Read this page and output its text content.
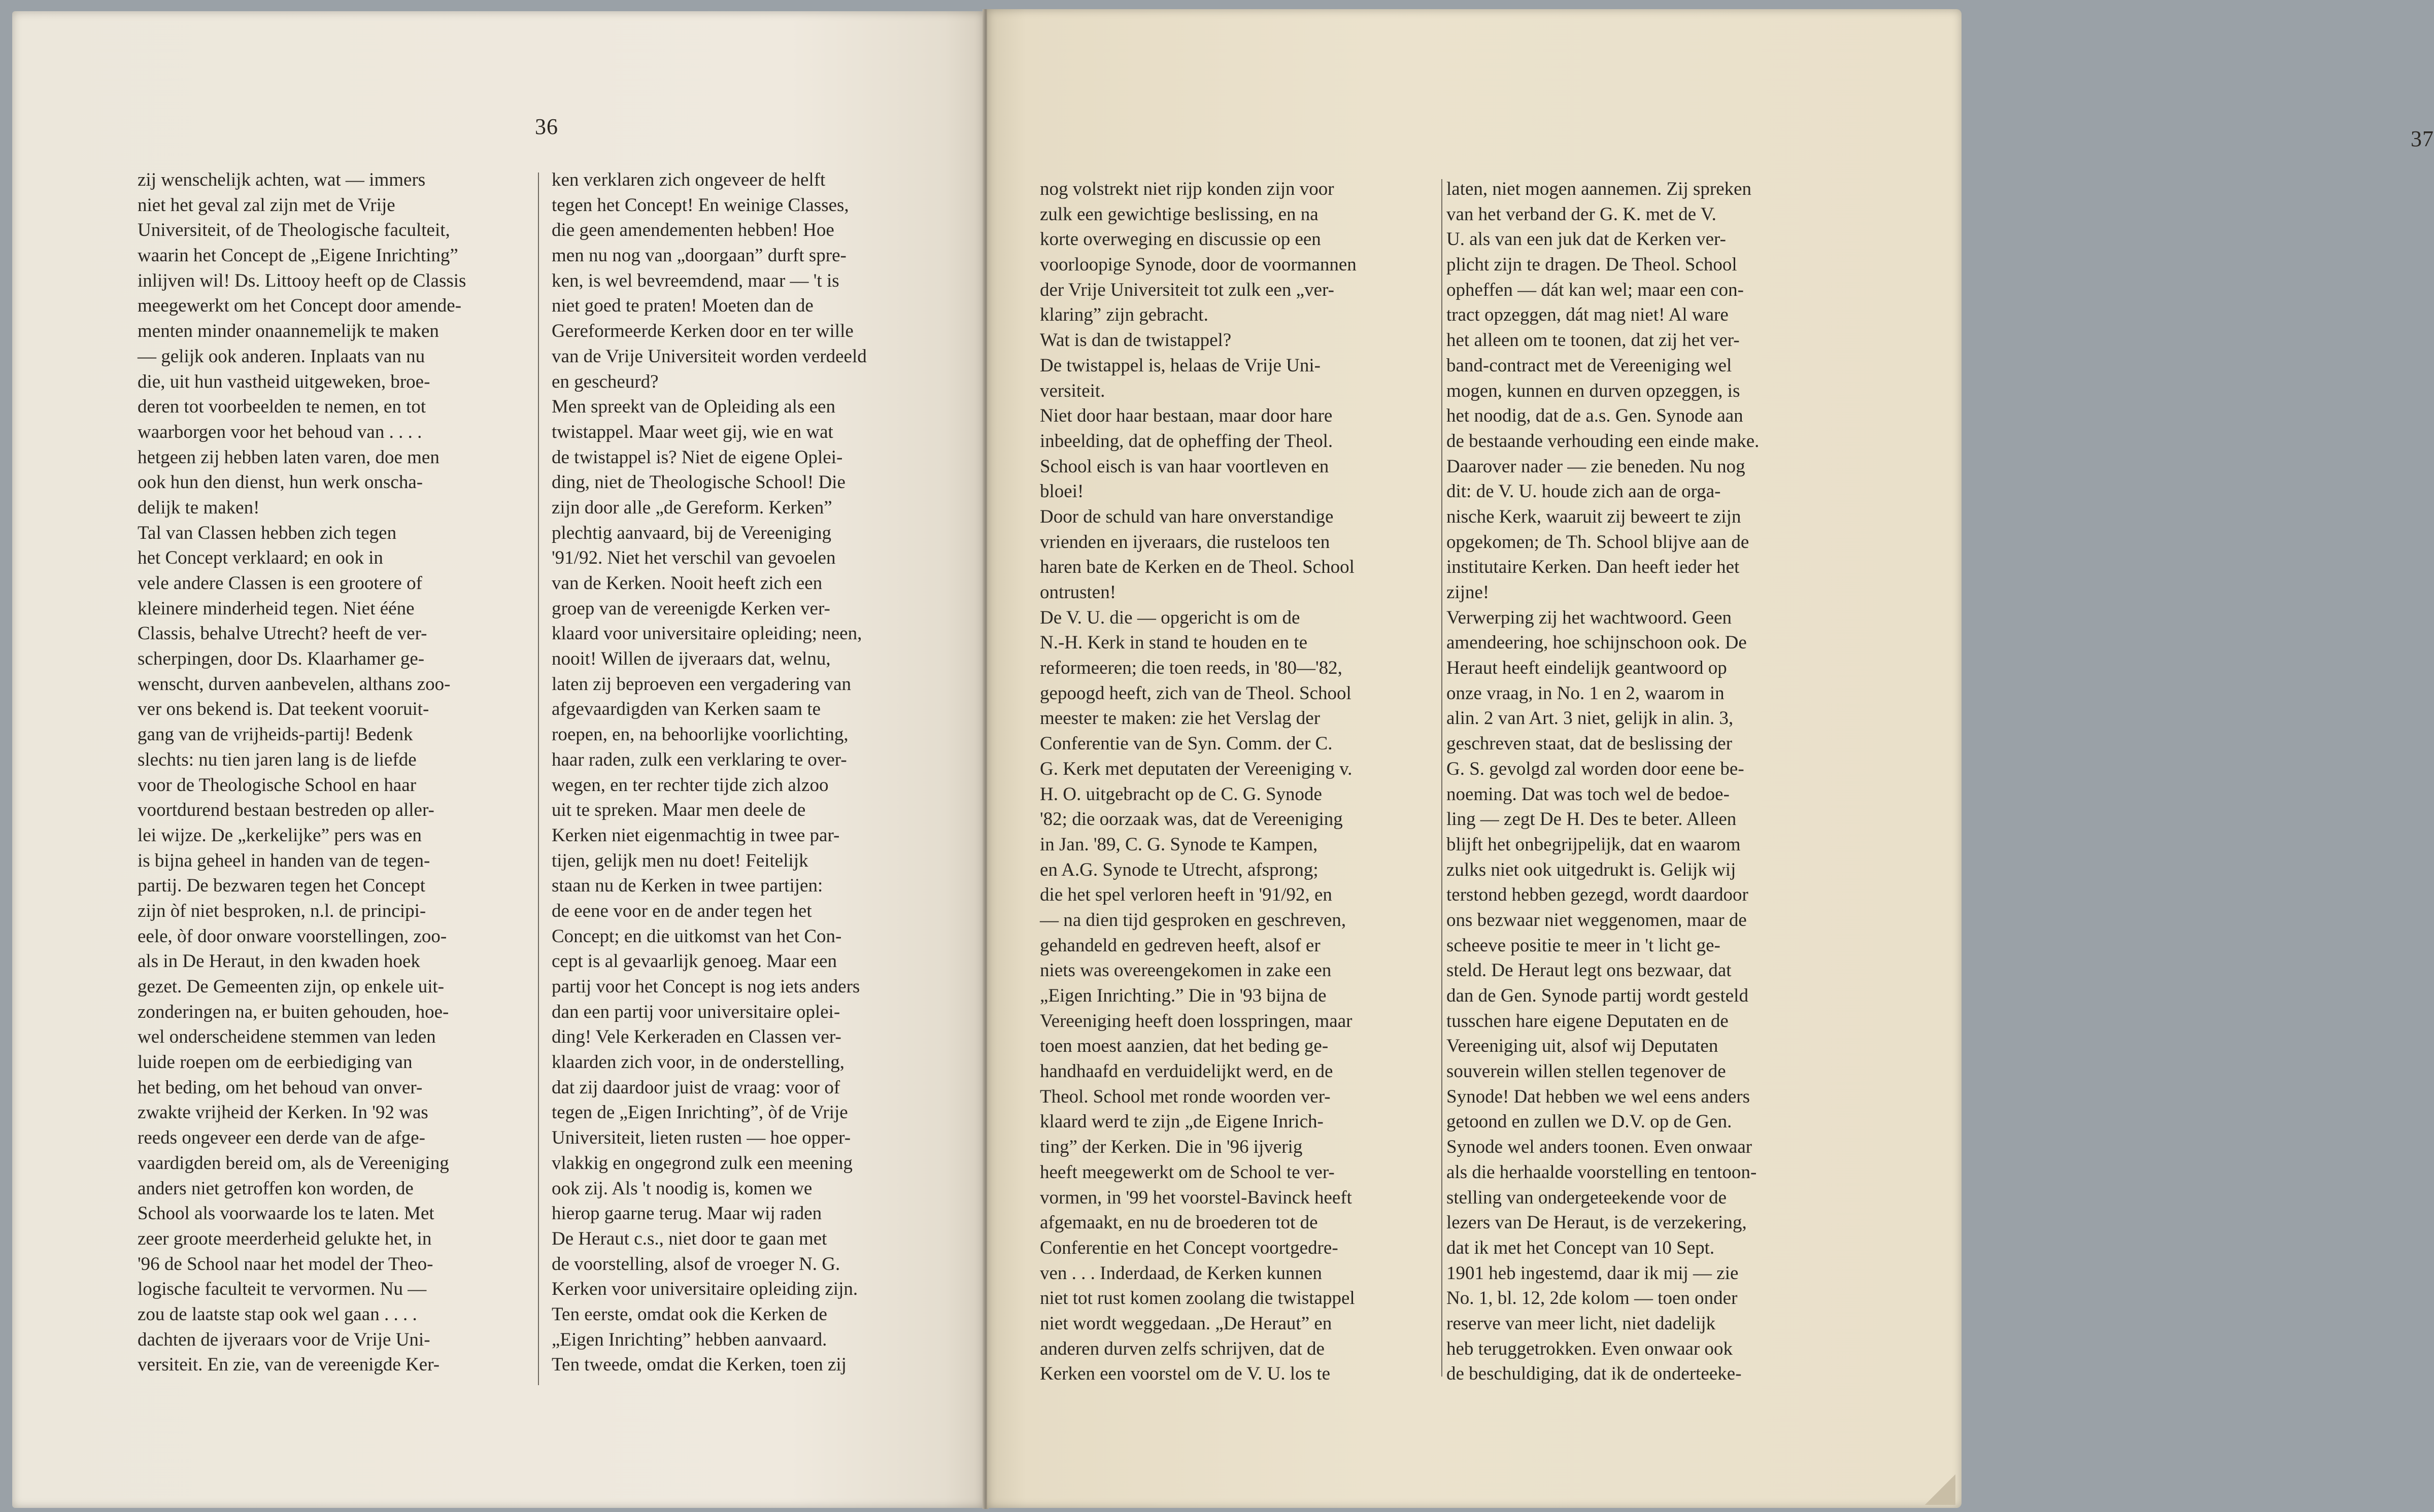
36
zij wenschelijk achten, wat — immers
niet het geval zal zijn met de Vrije
Universiteit, of de Theologische faculteit,
waarin het Concept de „Eigene Inrichting”
inlijven wil! Ds. Littooy heeft op de Classis
meegewerkt om het Concept door amende-
menten minder onaannemelijk te maken
— gelijk ook anderen. Inplaats van nu
die, uit hun vastheid uitgeweken, broe-
deren tot voorbeelden te nemen, en tot
waarborgen voor het behoud van . . . .
hetgeen zij hebben laten varen, doe men
ook hun den dienst, hun werk onscha-
delijk te maken!
Tal van Classen hebben zich tegen
het Concept verklaard; en ook in
vele andere Classen is een grootere of
kleinere minderheid tegen. Niet ééne
Classis, behalve Utrecht? heeft de ver-
scherpingen, door Ds. Klaarhamer ge-
wenscht, durven aanbevelen, althans zoo-
ver ons bekend is. Dat teekent vooruit-
gang van de vrijheids-partij! Bedenk
slechts: nu tien jaren lang is de liefde
voor de Theologische School en haar
voortdurend bestaan bestreden op aller-
lei wijze. De „kerkelijke” pers was en
is bijna geheel in handen van de tegen-
partij. De bezwaren tegen het Concept
zijn òf niet besproken, n.l. de principi-
eele, òf door onware voorstellingen, zoo-
als in De Heraut, in den kwaden hoek
gezet. De Gemeenten zijn, op enkele uit-
zonderingen na, er buiten gehouden, hoe-
wel onderscheidene stemmen van leden
luide roepen om de eerbiediging van
het beding, om het behoud van onver-
zwakte vrijheid der Kerken. In '92 was
reeds ongeveer een derde van de afge-
vaardigden bereid om, als de Vereeniging
anders niet getroffen kon worden, de
School als voorwaarde los te laten. Met
zeer groote meerderheid gelukte het, in
'96 de School naar het model der Theo-
logische faculteit te vervormen. Nu —
zou de laatste stap ook wel gaan . . . .
dachten de ijveraars voor de Vrije Uni-
versiteit. En zie, van de vereenigde Ker-
ken verklaren zich ongeveer de helft
tegen het Concept! En weinige Classes,
die geen amendementen hebben! Hoe
men nu nog van „doorgaan” durft spre-
ken, is wel bevreemdend, maar — 't is
niet goed te praten! Moeten dan de
Gereformeerde Kerken door en ter wille
van de Vrije Universiteit worden verdeeld
en gescheurd?
Men spreekt van de Opleiding als een
twistappel. Maar weet gij, wie en wat
de twistappel is? Niet de eigene Oplei-
ding, niet de Theologische School! Die
zijn door alle „de Gereform. Kerken”
plechtig aanvaard, bij de Vereeniging
'91/92. Niet het verschil van gevoelen
van de Kerken. Nooit heeft zich een
groep van de vereenigde Kerken ver-
klaard voor universitaire opleiding; neen,
nooit! Willen de ijveraars dat, welnu,
laten zij beproeven een vergadering van
afgevaardigden van Kerken saam te
roepen, en, na behoorlijke voorlichting,
haar raden, zulk een verklaring te over-
wegen, en ter rechter tijde zich alzoo
uit te spreken. Maar men deele de
Kerken niet eigenmachtig in twee par-
tijen, gelijk men nu doet! Feitelijk
staan nu de Kerken in twee partijen:
de eene voor en de ander tegen het
Concept; en die uitkomst van het Con-
cept is al gevaarlijk genoeg. Maar een
partij voor het Concept is nog iets anders
dan een partij voor universitaire oplei-
ding! Vele Kerkeraden en Classen ver-
klaarden zich voor, in de onderstelling,
dat zij daardoor juist de vraag: voor of
tegen de „Eigen Inrichting”, òf de Vrije
Universiteit, lieten rusten — hoe opper-
vlakkig en ongegrond zulk een meening
ook zij. Als 't noodig is, komen we
hierop gaarne terug. Maar wij raden
De Heraut c.s., niet door te gaan met
de voorstelling, alsof de vroeger N. G.
Kerken voor universitaire opleiding zijn.
Ten eerste, omdat ook die Kerken de
„Eigen Inrichting” hebben aanvaard.
Ten tweede, omdat die Kerken, toen zij
37
nog volstrekt niet rijp konden zijn voor
zulk een gewichtige beslissing, en na
korte overweging en discussie op een
voorloopige Synode, door de voormannen
der Vrije Universiteit tot zulk een „ver-
klaring” zijn gebracht.
Wat is dan de twistappel?
De twistappel is, helaas de Vrije Uni-
versiteit.
Niet door haar bestaan, maar door hare
inbeelding, dat de opheffing der Theol.
School eisch is van haar voortleven en
bloei!
Door de schuld van hare onverstandige
vrienden en ijveraars, die rusteloos ten
haren bate de Kerken en de Theol. School
ontrusten!
De V. U. die — opgericht is om de
N.-H. Kerk in stand te houden en te
reformeeren; die toen reeds, in '80—'82,
gepoogd heeft, zich van de Theol. School
meester te maken: zie het Verslag der
Conferentie van de Syn. Comm. der C.
G. Kerk met deputaten der Vereeniging v.
H. O. uitgebracht op de C. G. Synode
'82; die oorzaak was, dat de Vereeniging
in Jan. '89, C. G. Synode te Kampen,
en A.G. Synode te Utrecht, afsprong;
die het spel verloren heeft in '91/92, en
— na dien tijd gesproken en geschreven,
gehandeld en gedreven heeft, alsof er
niets was overeengekomen in zake een
„Eigen Inrichting.” Die in '93 bijna de
Vereeniging heeft doen losspringen, maar
toen moest aanzien, dat het beding ge-
handhaafd en verduidelijkt werd, en de
Theol. School met ronde woorden ver-
klaard werd te zijn „de Eigene Inrich-
ting” der Kerken. Die in '96 ijverig
heeft meegewerkt om de School te ver-
vormen, in '99 het voorstel-Bavinck heeft
afgemaakt, en nu de broederen tot de
Conferentie en het Concept voortgedre-
ven . . . Inderdaad, de Kerken kunnen
niet tot rust komen zoolang die twistappel
niet wordt weggedaan. „De Heraut” en
anderen durven zelfs schrijven, dat de
Kerken een voorstel om de V. U. los te
laten, niet mogen aannemen. Zij spreken
van het verband der G. K. met de V.
U. als van een juk dat de Kerken ver-
plicht zijn te dragen. De Theol. School
opheffen — dát kan wel; maar een con-
tract opzeggen, dát mag niet! Al ware
het alleen om te toonen, dat zij het ver-
band-contract met de Vereeniging wel
mogen, kunnen en durven opzeggen, is
het noodig, dat de a.s. Gen. Synode aan
de bestaande verhouding een einde make.
Daarover nader — zie beneden. Nu nog
dit: de V. U. houde zich aan de orga-
nische Kerk, waaruit zij beweert te zijn
opgekomen; de Th. School blijve aan de
institutaire Kerken. Dan heeft ieder het
zijne!
Verwerping zij het wachtwoord. Geen
amendeering, hoe schijnschoon ook. De
Heraut heeft eindelijk geantwoord op
onze vraag, in No. 1 en 2, waarom in
alin. 2 van Art. 3 niet, gelijk in alin. 3,
geschreven staat, dat de beslissing der
G. S. gevolgd zal worden door eene be-
noeming. Dat was toch wel de bedoe-
ling — zegt De H. Des te beter. Alleen
blijft het onbegrijpelijk, dat en waarom
zulks niet ook uitgedrukt is. Gelijk wij
terstond hebben gezegd, wordt daardoor
ons bezwaar niet weggenomen, maar de
scheeve positie te meer in 't licht ge-
steld. De Heraut legt ons bezwaar, dat
dan de Gen. Synode partij wordt gesteld
tusschen hare eigene Deputaten en de
Vereeniging uit, alsof wij Deputaten
souverein willen stellen tegenover de
Synode! Dat hebben we wel eens anders
getoond en zullen we D.V. op de Gen.
Synode wel anders toonen. Even onwaar
als die herhaalde voorstelling en tentoon-
stelling van ondergeteekende voor de
lezers van De Heraut, is de verzekering,
dat ik met het Concept van 10 Sept.
1901 heb ingestemd, daar ik mij — zie
No. 1, bl. 12, 2de kolom — toen onder
reserve van meer licht, niet dadelijk
heb teruggetrokken. Even onwaar ook
de beschuldiging, dat ik de onderteeke-
